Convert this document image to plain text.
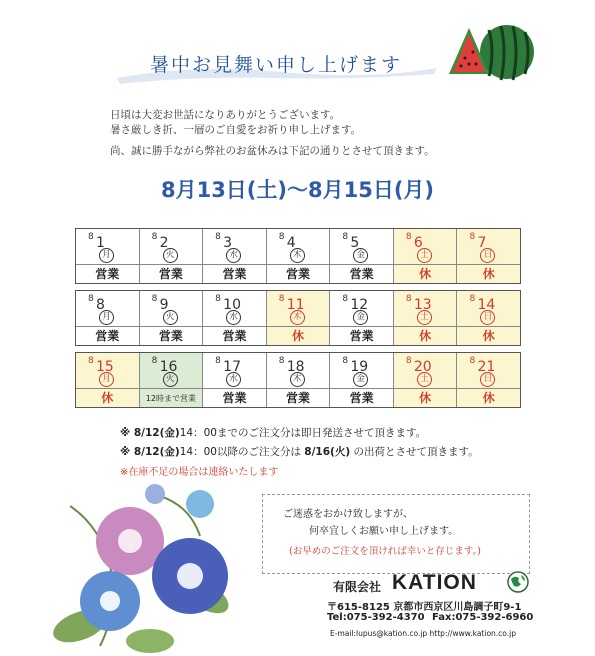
暑中お見舞い申し上げます
日頃は大変お世話になりありがとうございます。
暑さ厳しき折、一層のご自愛をお祈り申し上げます。
尚、誠に勝手ながら弊社のお盆休みは下記の通りとさせて頂きます。
8月13日(土)～8月15日(月)
8 1
月
営業
8 2
火
営業
8 3
水
営業
8 4
木
営業
8 5
金
営業
8 6
土
休
8 7
日
休
8 8
月
営業
8 9
火
営業
8 10
水
営業
8 11
木
休
8 12
金
営業
8 13
土
休
8 14
日
休
8 15
月
休
8 16
火
12時まで営業
8 17
水
営業
8 18
木
営業
8 19
金
営業
8 20
土
休
8 21
日
休
※ 8/12(金)14：00までのご注文分は即日発送させて頂きます。
※ 8/12(金)14：00以降のご注文分は 8/16(火) の出荷とさせて頂きます。
※在庫不足の場合は連絡いたします
ご迷惑をおかけ致しますが、
何卒宜しくお願い申し上げます。
(お早めのご注文を頂ければ幸いと存じます。)
有限会社 KATION
〒615-8125 京都市西京区川島調子町9-1
Tel:075-392-4370 Fax:075-392-6960
E-mail:lupus@kation.co.jp http://www.kation.co.jp
